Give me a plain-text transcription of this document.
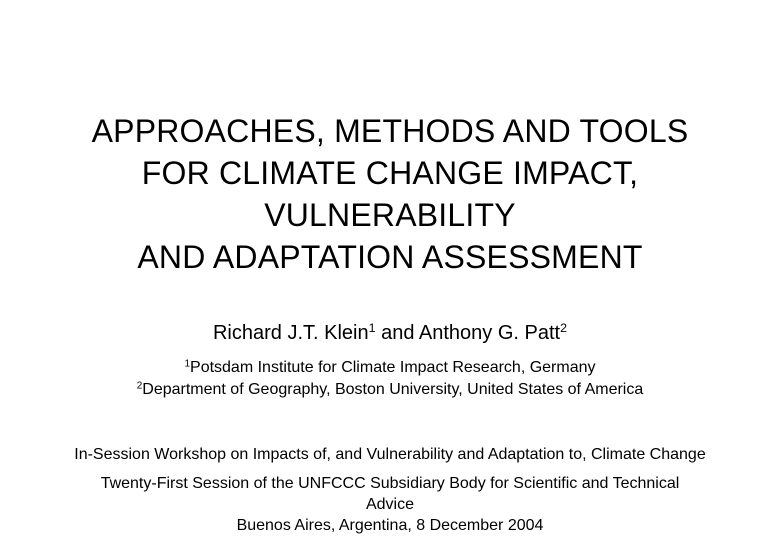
APPROACHES, METHODS AND TOOLS
FOR CLIMATE CHANGE IMPACT,
VULNERABILITY
AND ADAPTATION ASSESSMENT
Richard J.T. Klein$^1$ and Anthony G. Patt$^2$
$^1$Potsdam Institute for Climate Impact Research, Germany
$^2$Department of Geography, Boston University, United States of America
In-Session Workshop on Impacts of, and Vulnerability and Adaptation to, Climate Change
Twenty-First Session of the UNFCCC Subsidiary Body for Scientific and Technical
Advice
Buenos Aires, Argentina, 8 December 2004
